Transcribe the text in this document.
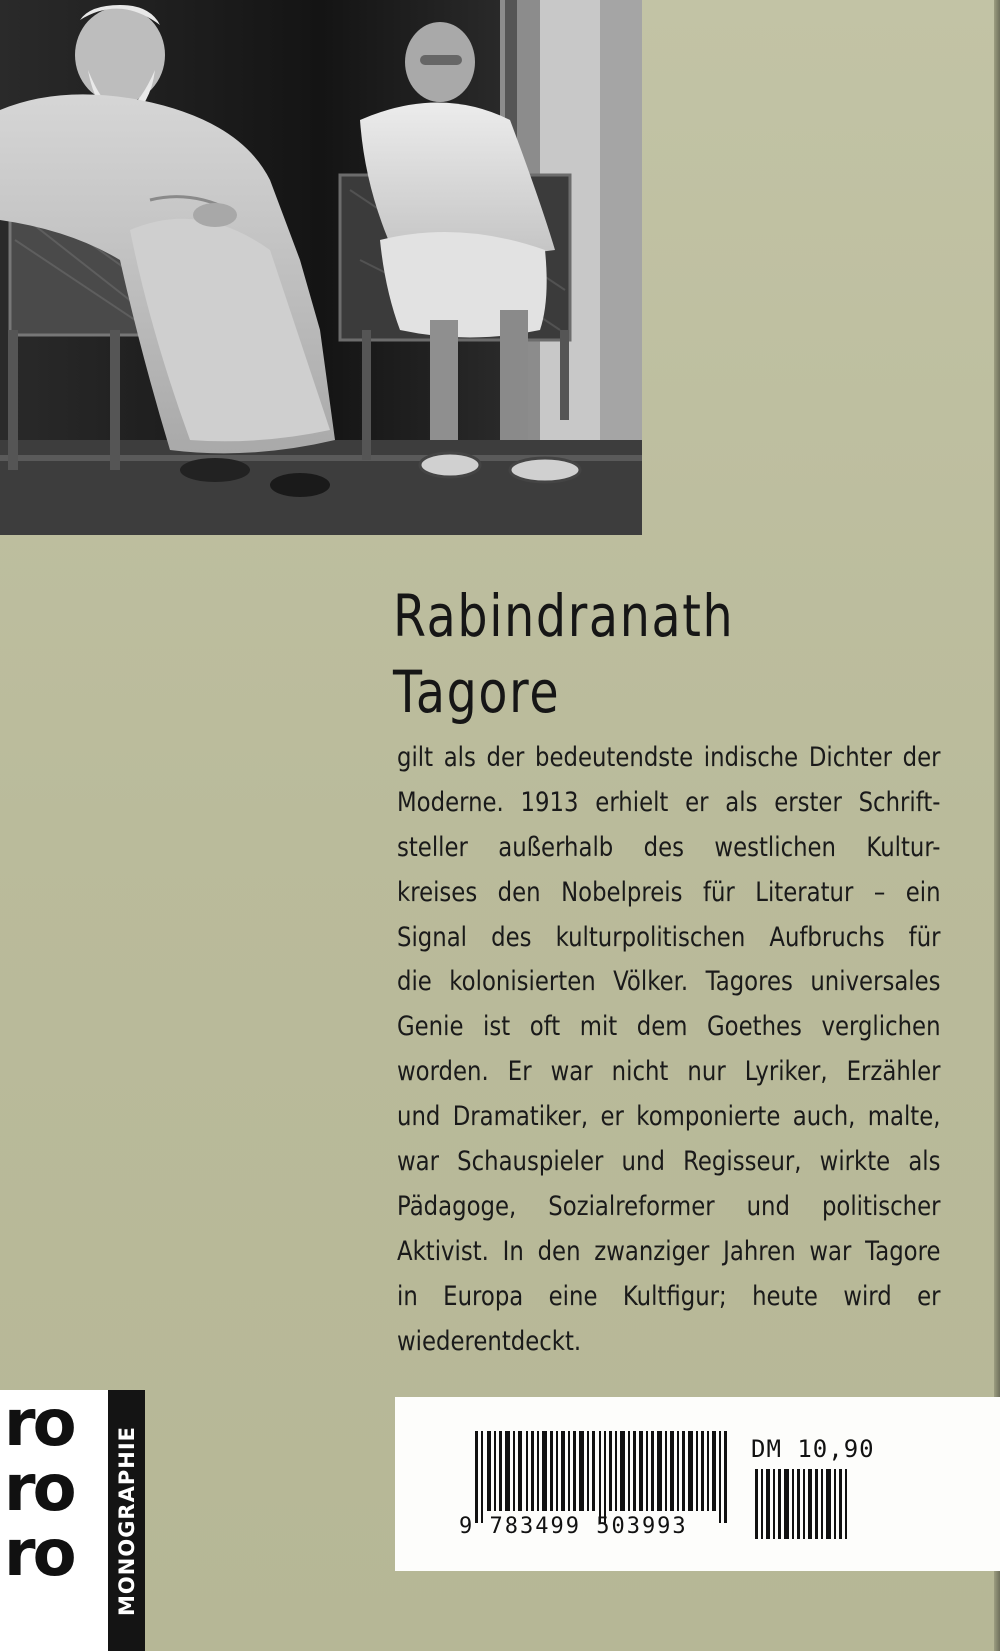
Rabindranath
Tagore
gilt als der bedeutendste indische Dichter der
Moderne. 1913 erhielt er als erster Schrift-
steller außerhalb des westlichen Kultur-
kreises den Nobelpreis für Literatur – ein
Signal des kulturpolitischen Aufbruchs für
die kolonisierten Völker. Tagores universales
Genie ist oft mit dem Goethes verglichen
worden. Er war nicht nur Lyriker, Erzähler
und Dramatiker, er komponierte auch, malte,
war Schauspieler und Regisseur, wirkte als
Pädagoge, Sozialreformer und politischer
Aktivist. In den zwanziger Jahren war Tagore
in Europa eine Kultfigur; heute wird er
wiederentdeckt.
ro
ro
ro MONOGRAPHIE	9 783499 503993
DM 10,90
